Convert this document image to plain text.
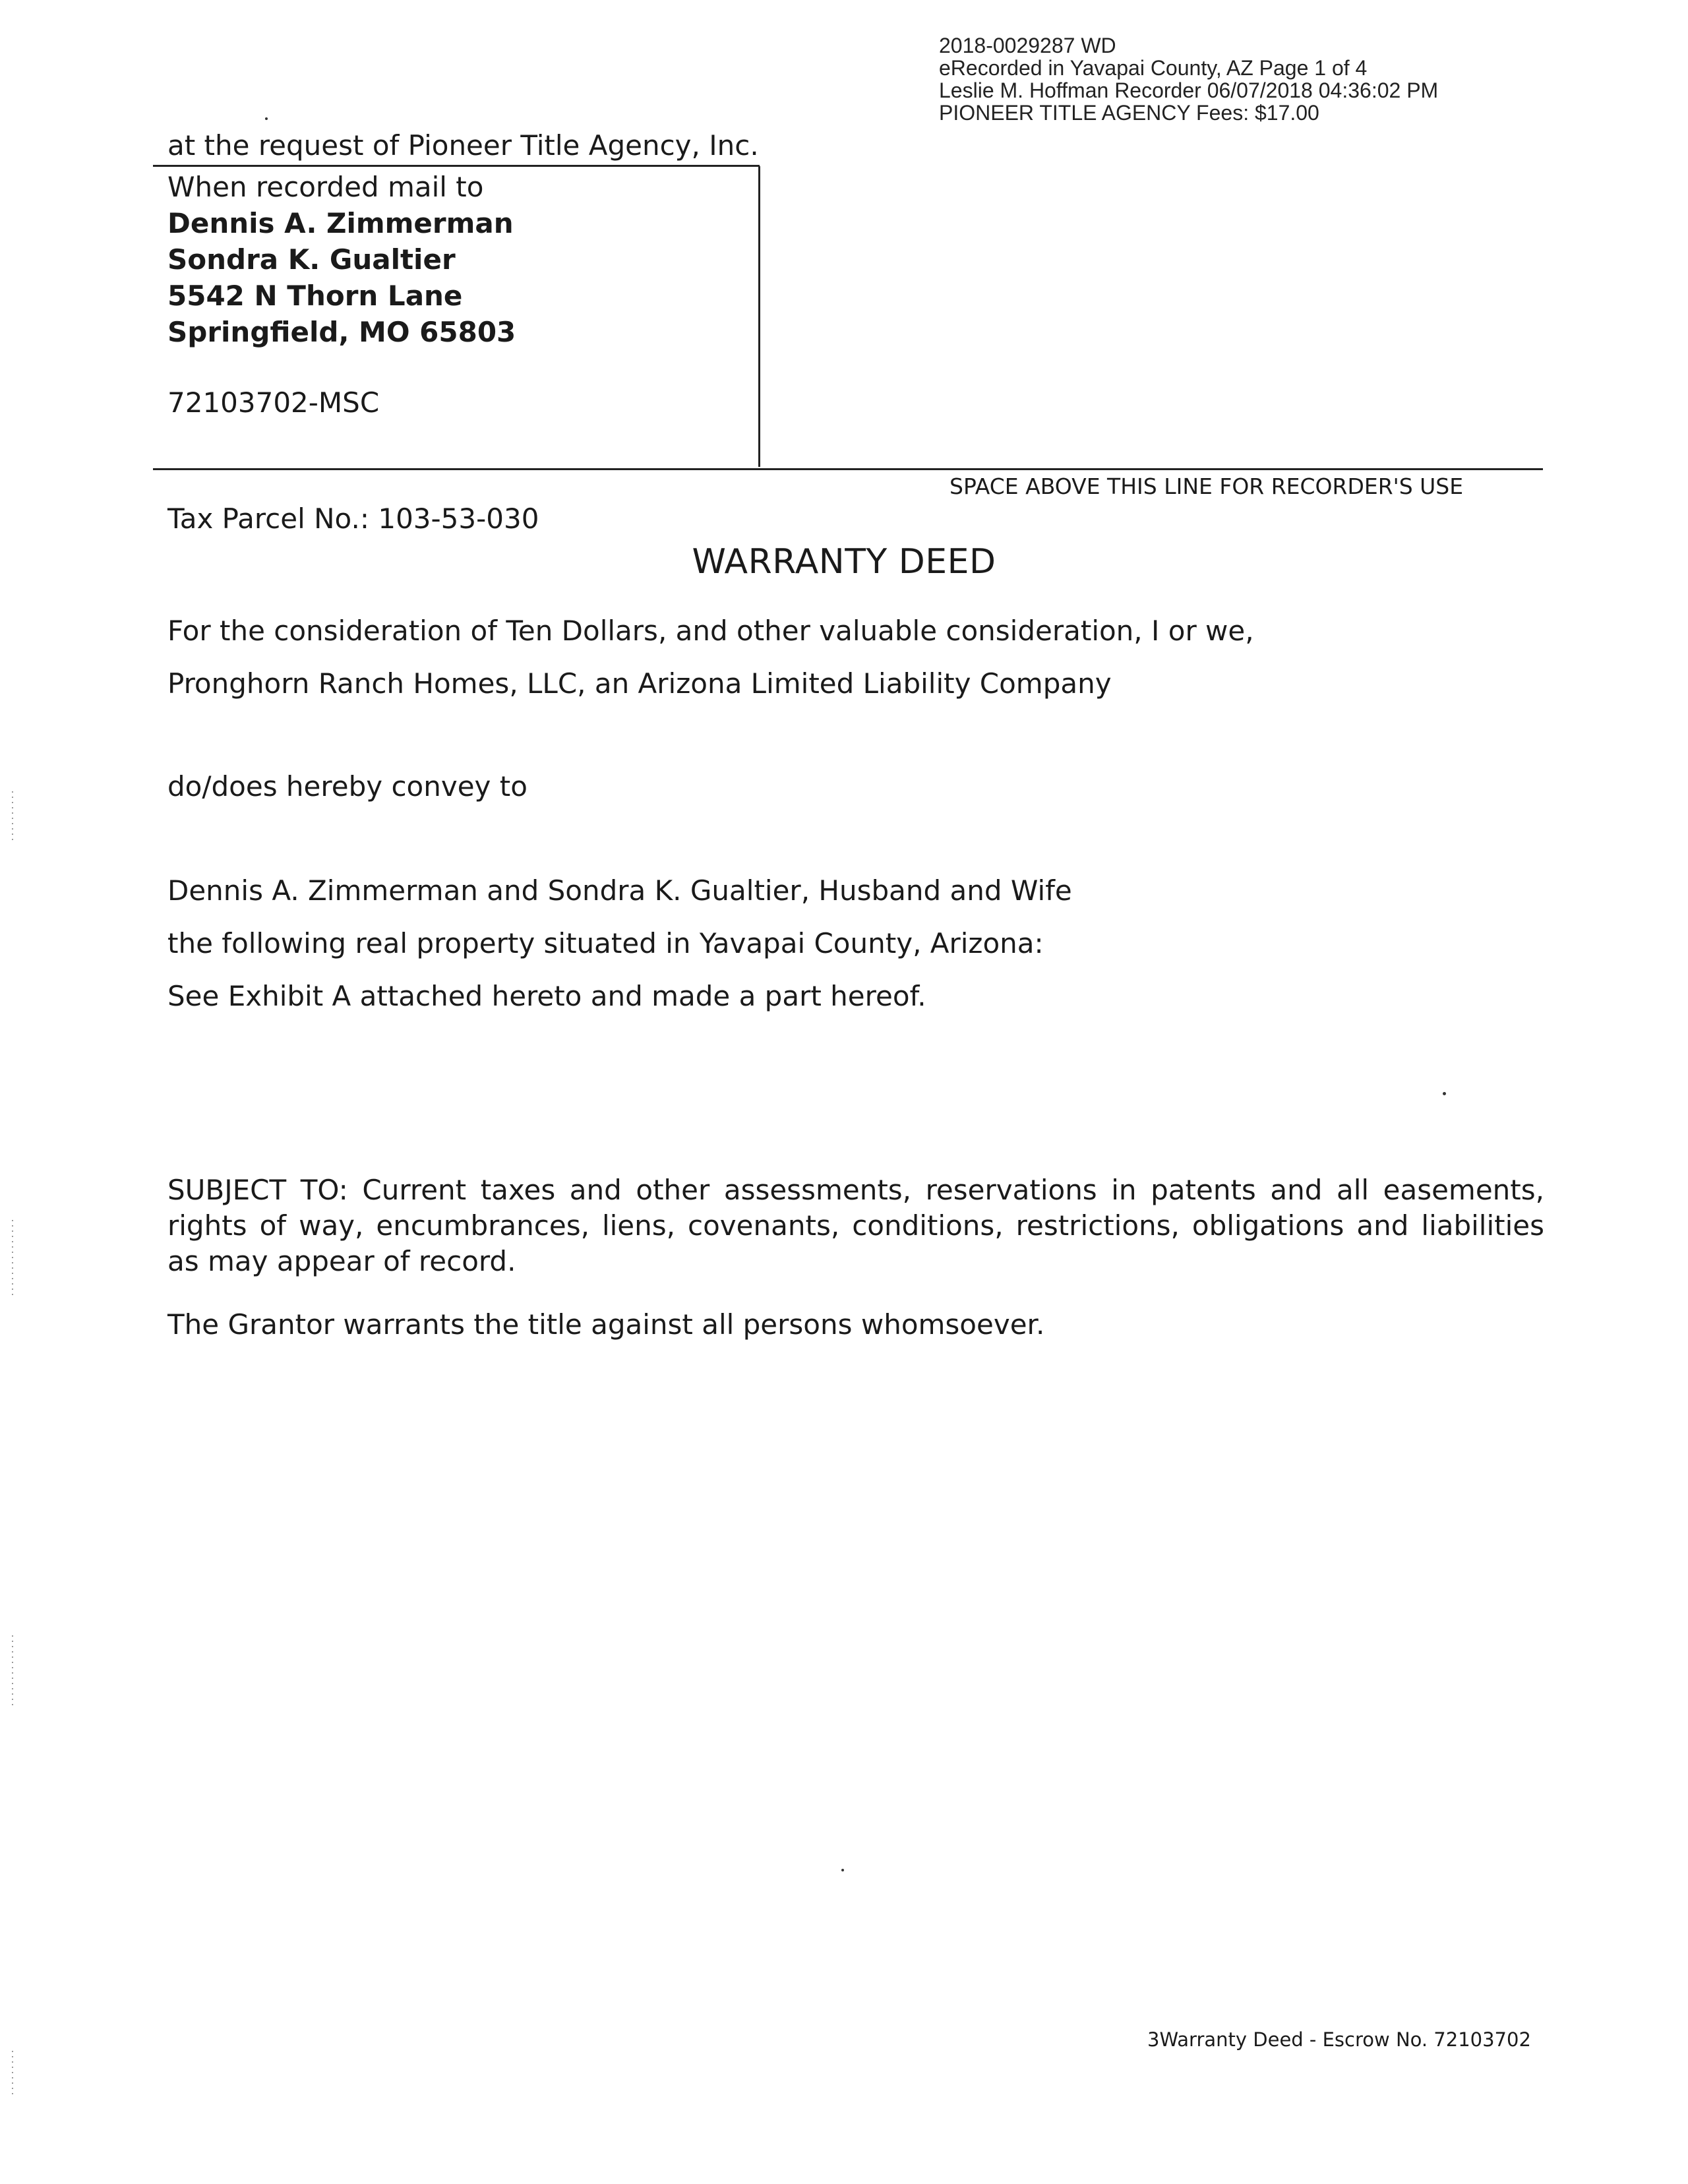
2018-0029287 WD
eRecorded in Yavapai County, AZ Page 1 of 4
Leslie M. Hoffman Recorder 06/07/2018 04:36:02 PM
PIONEER TITLE AGENCY Fees: $17.00
at the request of Pioneer Title Agency, Inc.
When recorded mail to
Dennis A. Zimmerman
Sondra K. Gualtier
5542 N Thorn Lane
Springfield, MO 65803
72103702-MSC
SPACE ABOVE THIS LINE FOR RECORDER'S USE
Tax Parcel No.: 103-53-030
WARRANTY DEED
For the consideration of Ten Dollars, and other valuable consideration, I or we,
Pronghorn Ranch Homes, LLC, an Arizona Limited Liability Company
do/does hereby convey to
Dennis A. Zimmerman and Sondra K. Gualtier, Husband and Wife
the following real property situated in Yavapai County, Arizona:
See Exhibit A attached hereto and made a part hereof.
SUBJECT TO: Current taxes and other assessments, reservations in patents and all easements, rights of way, encumbrances, liens, covenants, conditions, restrictions, obligations and liabilities as may appear of record.
The Grantor warrants the title against all persons whomsoever.
3Warranty Deed - Escrow No. 72103702
